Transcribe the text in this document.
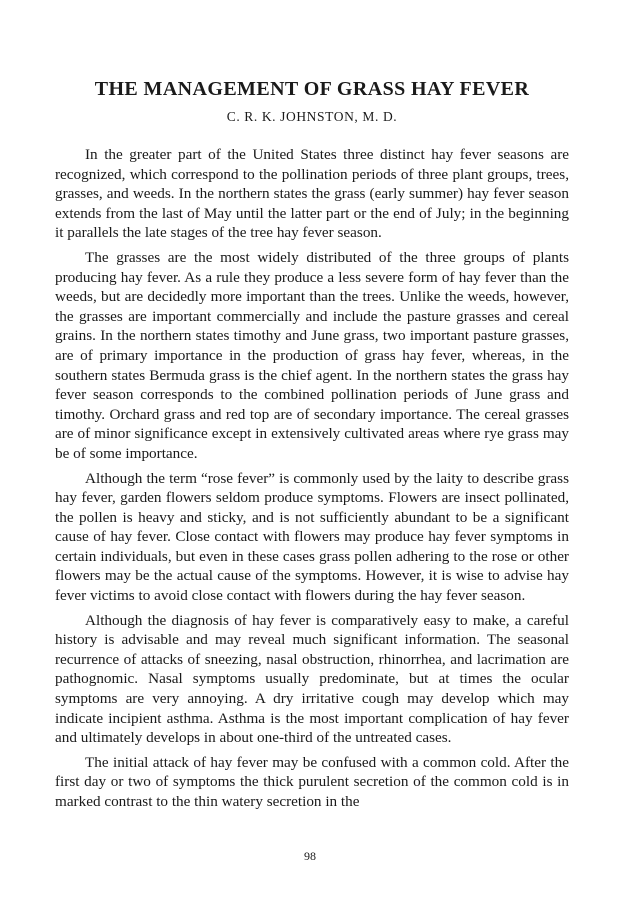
THE MANAGEMENT OF GRASS HAY FEVER

C. R. K. JOHNSTON, M. D.

In the greater part of the United States three distinct hay fever seasons are recognized, which correspond to the pollination periods of three plant groups, trees, grasses, and weeds. In the northern states the grass (early summer) hay fever season extends from the last of May until the latter part or the end of July; in the beginning it parallels the late stages of the tree hay fever season.

The grasses are the most widely distributed of the three groups of plants producing hay fever. As a rule they produce a less severe form of hay fever than the weeds, but are decidedly more important than the trees. Unlike the weeds, however, the grasses are important commercially and include the pasture grasses and cereal grains. In the northern states timothy and June grass, two important pasture grasses, are of primary importance in the production of grass hay fever, whereas, in the southern states Bermuda grass is the chief agent. In the northern states the grass hay fever season corresponds to the combined pollination periods of June grass and timothy. Orchard grass and red top are of secondary importance. The cereal grasses are of minor significance except in extensively cultivated areas where rye grass may be of some importance.

Although the term “rose fever” is commonly used by the laity to describe grass hay fever, garden flowers seldom produce symptoms. Flowers are insect pollinated, the pollen is heavy and sticky, and is not sufficiently abundant to be a significant cause of hay fever. Close contact with flowers may produce hay fever symptoms in certain individuals, but even in these cases grass pollen adhering to the rose or other flowers may be the actual cause of the symptoms. However, it is wise to advise hay fever victims to avoid close contact with flowers during the hay fever season.

Although the diagnosis of hay fever is comparatively easy to make, a careful history is advisable and may reveal much significant information. The seasonal recurrence of attacks of sneezing, nasal obstruction, rhinorrhea, and lacrimation are pathognomic. Nasal symptoms usually predominate, but at times the ocular symptoms are very annoying. A dry irritative cough may develop which may indicate incipient asthma. Asthma is the most important complication of hay fever and ultimately develops in about one-third of the untreated cases.

The initial attack of hay fever may be confused with a common cold. After the first day or two of symptoms the thick purulent secretion of the common cold is in marked contrast to the thin watery secretion in the

98
